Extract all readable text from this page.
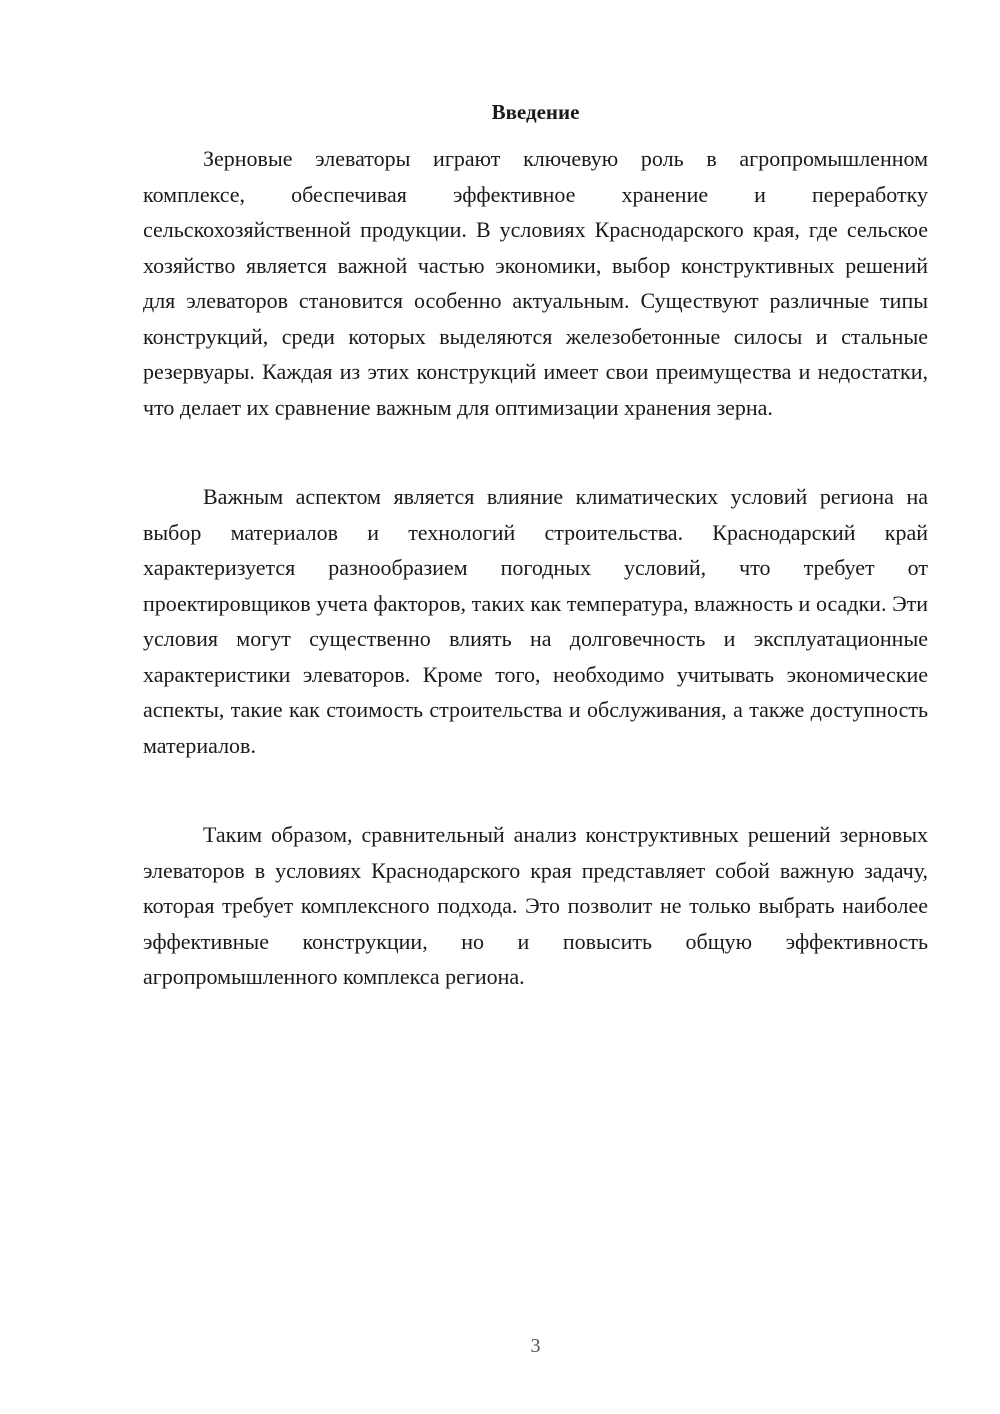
Введение

Зерновые элеваторы играют ключевую роль в агропромышленном комплексе, обеспечивая эффективное хранение и переработку сельскохозяйственной продукции. В условиях Краснодарского края, где сельское хозяйство является важной частью экономики, выбор конструктивных решений для элеваторов становится особенно актуальным. Существуют различные типы конструкций, среди которых выделяются железобетонные силосы и стальные резервуары. Каждая из этих конструкций имеет свои преимущества и недостатки, что делает их сравнение важным для оптимизации хранения зерна.

Важным аспектом является влияние климатических условий региона на выбор материалов и технологий строительства. Краснодарский край характеризуется разнообразием погодных условий, что требует от проектировщиков учета факторов, таких как температура, влажность и осадки. Эти условия могут существенно влиять на долговечность и эксплуатационные характеристики элеваторов. Кроме того, необходимо учитывать экономические аспекты, такие как стоимость строительства и обслуживания, а также доступность материалов.

Таким образом, сравнительный анализ конструктивных решений зерновых элеваторов в условиях Краснодарского края представляет собой важную задачу, которая требует комплексного подхода. Это позволит не только выбрать наиболее эффективные конструкции, но и повысить общую эффективность агропромышленного комплекса региона.

3
